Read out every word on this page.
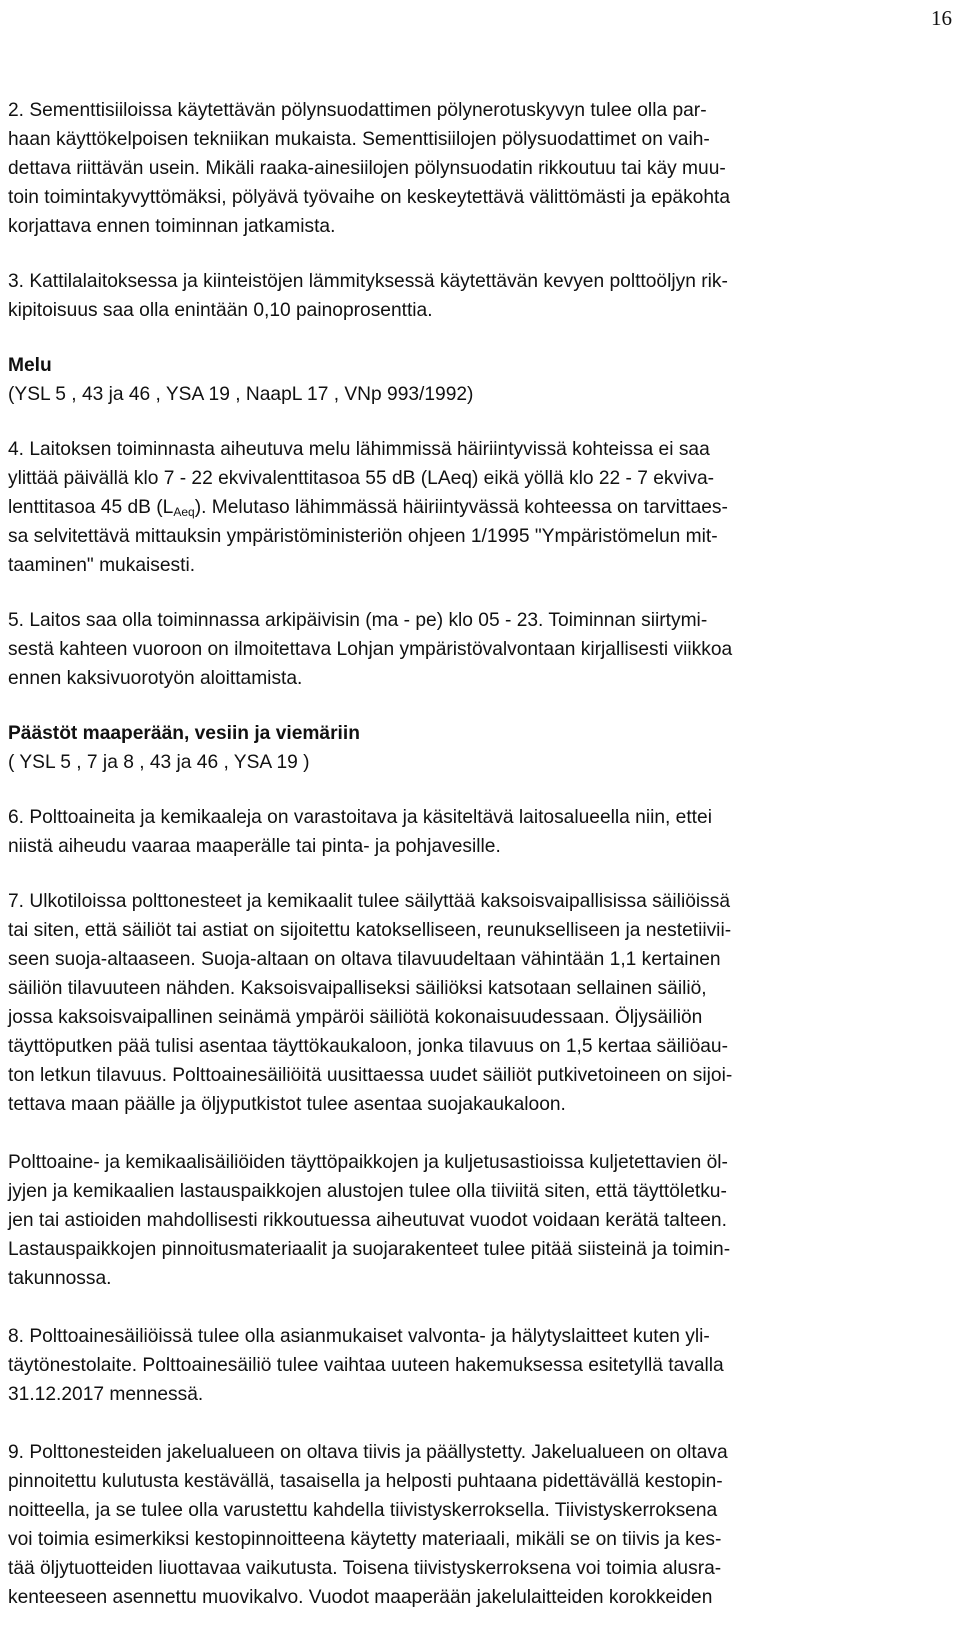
16
2. Sementtisiiloissa käytettävän pölynsuodattimen pölynerotuskyvyn tulee olla par-
haan käyttökelpoisen tekniikan mukaista. Sementtisiilojen pölysuodattimet on vaih-
dettava riittävän usein. Mikäli raaka-ainesiilojen pölynsuodatin rikkoutuu tai käy muu-
toin toimintakyvyttömäksi, pölyävä työvaihe on keskeytettävä välittömästi ja epäkohta
korjattava ennen toiminnan jatkamista.
3. Kattilalaitoksessa ja kiinteistöjen lämmityksessä käytettävän kevyen polttoöljyn rik-
kipitoisuus saa olla enintään 0,10 painoprosenttia.
Melu
(YSL 5 , 43 ja 46 , YSA 19 , NaapL 17 , VNp 993/1992)
4. Laitoksen toiminnasta aiheutuva melu lähimmissä häiriintyvissä kohteissa ei saa
ylittää päivällä klo 7 - 22 ekvivalenttitasoa 55 dB (LAeq) eikä yöllä klo 22 - 7 ekviva-
lenttitasoa 45 dB $(L_{Aeq})$. Melutaso lähimmässä häiriintyvässä kohteessa on tarvittaes-
sa selvitettävä mittauksin ympäristöministeriön ohjeen 1/1995 "Ympäristömelun mit-
taaminen" mukaisesti.
5. Laitos saa olla toiminnassa arkipäivisin (ma - pe) klo 05 - 23. Toiminnan siirtymi-
sestä kahteen vuoroon on ilmoitettava Lohjan ympäristövalvontaan kirjallisesti viikkoa
ennen kaksivuorotyön aloittamista.
Päästöt maaperään, vesiin ja viemäriin
( YSL 5 , 7 ja 8 , 43 ja 46 , YSA 19 )
6. Polttoaineita ja kemikaaleja on varastoitava ja käsiteltävä laitosalueella niin, ettei
niistä aiheudu vaaraa maaperälle tai pinta- ja pohjavesille.
7. Ulkotiloissa polttonesteet ja kemikaalit tulee säilyttää kaksoisvaipallisissa säiliöissä
tai siten, että säiliöt tai astiat on sijoitettu katokselliseen, reunukselliseen ja nestetiivii-
seen suoja-altaaseen. Suoja-altaan on oltava tilavuudeltaan vähintään 1,1 kertainen
säiliön tilavuuteen nähden. Kaksoisvaipalliseksi säiliöksi katsotaan sellainen säiliö,
jossa kaksoisvaipallinen seinämä ympäröi säiliötä kokonaisuudessaan. Öljysäiliön
täyttöputken pää tulisi asentaa täyttökaukaloon, jonka tilavuus on 1,5 kertaa säiliöau-
ton letkun tilavuus. Polttoainesäiliöitä uusittaessa uudet säiliöt putkivetoineen on sijoi-
tettava maan päälle ja öljyputkistot tulee asentaa suojakaukaloon.
Polttoaine- ja kemikaalisäiliöiden täyttöpaikkojen ja kuljetusastioissa kuljetettavien öl-
jyjen ja kemikaalien lastauspaikkojen alustojen tulee olla tiiviitä siten, että täyttöletku-
jen tai astioiden mahdollisesti rikkoutuessa aiheutuvat vuodot voidaan kerätä talteen.
Lastauspaikkojen pinnoitusmateriaalit ja suojarakenteet tulee pitää siisteinä ja toimin-
takunnossa.
8. Polttoainesäiliöissä tulee olla asianmukaiset valvonta- ja hälytyslaitteet kuten yli-
täytönestolaite. Polttoainesäiliö tulee vaihtaa uuteen hakemuksessa esitetyllä tavalla
31.12.2017 mennessä.
9. Polttonesteiden jakelualueen on oltava tiivis ja päällystetty. Jakelualueen on oltava
pinnoitettu kulutusta kestävällä, tasaisella ja helposti puhtaana pidettävällä kestopin-
noitteella, ja se tulee olla varustettu kahdella tiivistyskerroksella. Tiivistyskerroksena
voi toimia esimerkiksi kestopinnoitteena käytetty materiaali, mikäli se on tiivis ja kes-
tää öljytuotteiden liuottavaa vaikutusta. Toisena tiivistyskerroksena voi toimia alusra-
kenteeseen asennettu muovikalvo. Vuodot maaperään jakelulaitteiden korokkeiden
